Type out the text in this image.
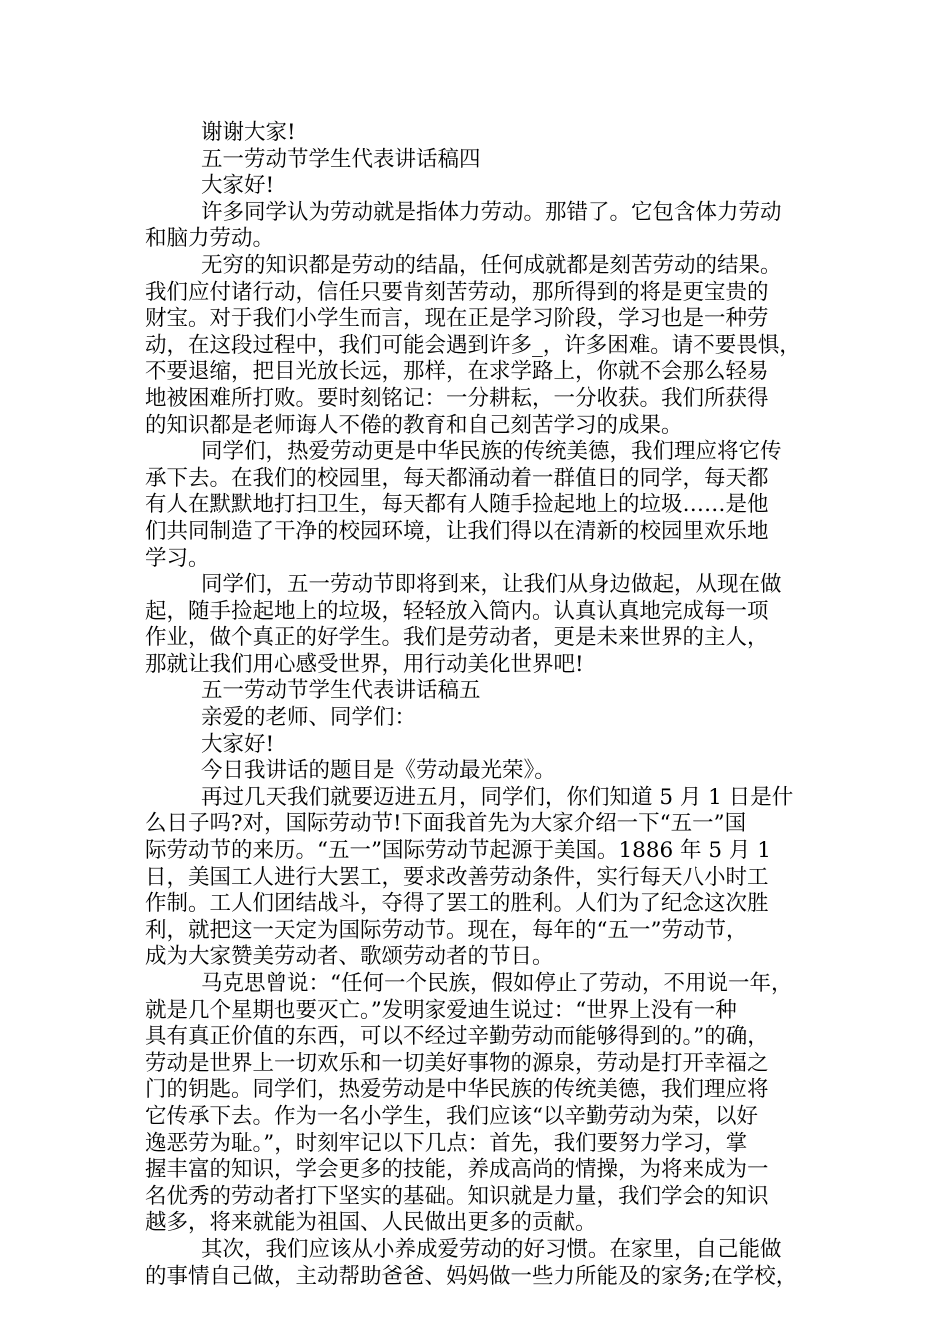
谢谢大家!
五一劳动节学生代表讲话稿四
大家好!
许多同学认为劳动就是指体力劳动。那错了。它包含体力劳动
和脑力劳动。
无穷的知识都是劳动的结晶，任何成就都是刻苦劳动的结果。
我们应付诸行动，信任只要肯刻苦劳动，那所得到的将是更宝贵的
财宝。对于我们小学生而言，现在正是学习阶段，学习也是一种劳
动，在这段过程中，我们可能会遇到许多_，许多困难。请不要畏惧，
不要退缩，把目光放长远，那样，在求学路上，你就不会那么轻易
地被困难所打败。要时刻铭记：一分耕耘，一分收获。我们所获得
的知识都是老师诲人不倦的教育和自己刻苦学习的成果。
同学们，热爱劳动更是中华民族的传统美德，我们理应将它传
承下去。在我们的校园里，每天都涌动着一群值日的同学，每天都
有人在默默地打扫卫生，每天都有人随手捡起地上的垃圾……是他
们共同制造了干净的校园环境，让我们得以在清新的校园里欢乐地
学习。
同学们，五一劳动节即将到来，让我们从身边做起，从现在做
起，随手捡起地上的垃圾，轻轻放入筒内。认真认真地完成每一项
作业，做个真正的好学生。我们是劳动者，更是未来世界的主人，
那就让我们用心感受世界，用行动美化世界吧!
五一劳动节学生代表讲话稿五
亲爱的老师、同学们：
大家好!
今日我讲话的题目是《劳动最光荣》。
再过几天我们就要迈进五月，同学们，你们知道 5 月 1 日是什
么日子吗?对，国际劳动节!下面我首先为大家介绍一下“五一”国
际劳动节的来历。“五一”国际劳动节起源于美国。1886 年 5 月 1
日，美国工人进行大罢工，要求改善劳动条件，实行每天八小时工
作制。工人们团结战斗，夺得了罢工的胜利。人们为了纪念这次胜
利，就把这一天定为国际劳动节。现在，每年的“五一”劳动节，
成为大家赞美劳动者、歌颂劳动者的节日。
马克思曾说：“任何一个民族，假如停止了劳动，不用说一年，
就是几个星期也要灭亡。”发明家爱迪生说过：“世界上没有一种
具有真正价值的东西，可以不经过辛勤劳动而能够得到的。”的确，
劳动是世界上一切欢乐和一切美好事物的源泉，劳动是打开幸福之
门的钥匙。同学们，热爱劳动是中华民族的传统美德，我们理应将
它传承下去。作为一名小学生，我们应该“以辛勤劳动为荣，以好
逸恶劳为耻。”，时刻牢记以下几点：首先，我们要努力学习，掌
握丰富的知识，学会更多的技能，养成高尚的情操，为将来成为一
名优秀的劳动者打下坚实的基础。知识就是力量，我们学会的知识
越多，将来就能为祖国、人民做出更多的贡献。
其次，我们应该从小养成爱劳动的好习惯。在家里，自己能做
的事情自己做，主动帮助爸爸、妈妈做一些力所能及的家务;在学校，
